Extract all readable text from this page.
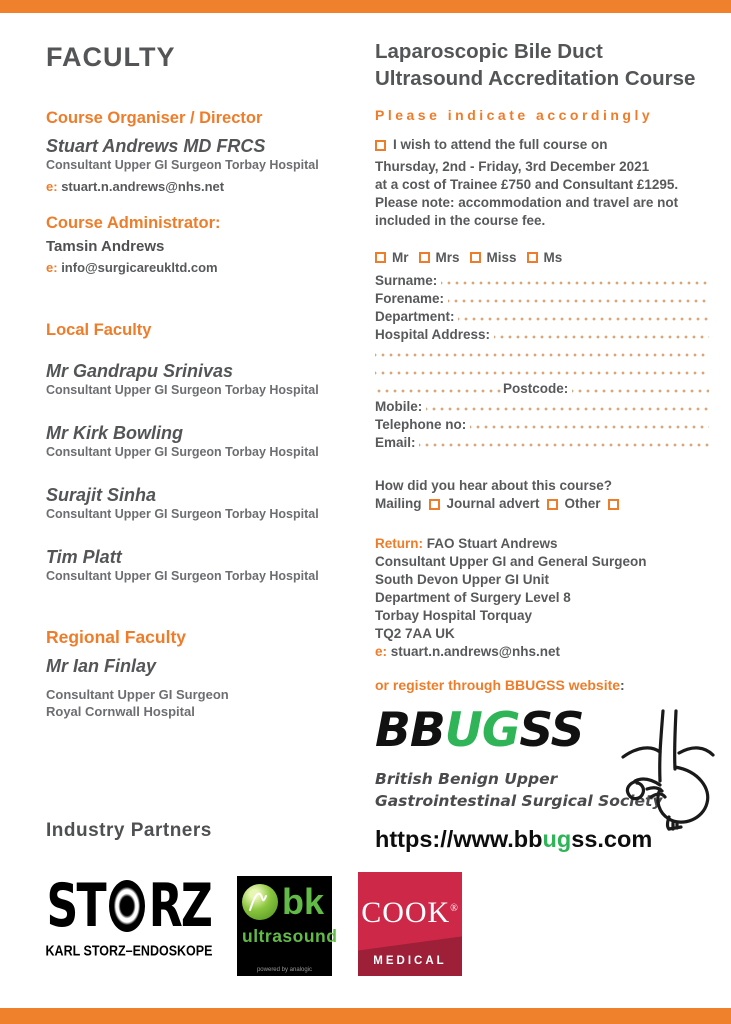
FACULTY
Course Organiser / Director
Stuart Andrews MD FRCS
Consultant Upper GI Surgeon Torbay Hospital
e: stuart.n.andrews@nhs.net
Course Administrator:
Tamsin Andrews
e: info@surgicareukltd.com
Local Faculty
Mr Gandrapu Srinivas
Consultant Upper GI Surgeon Torbay Hospital
Mr Kirk Bowling
Consultant Upper GI Surgeon Torbay Hospital
Surajit Sinha
Consultant Upper GI Surgeon Torbay Hospital
Tim Platt
Consultant Upper GI Surgeon Torbay Hospital
Regional Faculty
Mr Ian Finlay
Consultant Upper GI Surgeon
Royal Cornwall Hospital
Laparoscopic Bile Duct
Ultrasound Accreditation Course
Please indicate accordingly
I wish to attend the full course on
Thursday, 2nd - Friday, 3rd December 2021
at a cost of Trainee £750 and Consultant £1295.
Please note: accommodation and travel are not
included in the course fee.
Mr Mrs Miss Ms
Surname:
Forename:
Department:
Hospital Address:
Postcode:
Mobile:
Telephone no:
Email:
How did you hear about this course?
Mailing Journal advert Other
Return: FAO Stuart Andrews
Consultant Upper GI and General Surgeon
South Devon Upper GI Unit
Department of Surgery Level 8
Torbay Hospital Torquay
TQ2 7AA UK
e: stuart.n.andrews@nhs.net
or register through BBUGSS website:
BBUGSS
British Benign Upper
Gastrointestinal Surgical Society
https://www.bbugss.com
Industry Partners
ST RZ
KARL STORZ–ENDOSKOPE
bk
ultrasound
powered by analogic
COOK®
MEDICAL
